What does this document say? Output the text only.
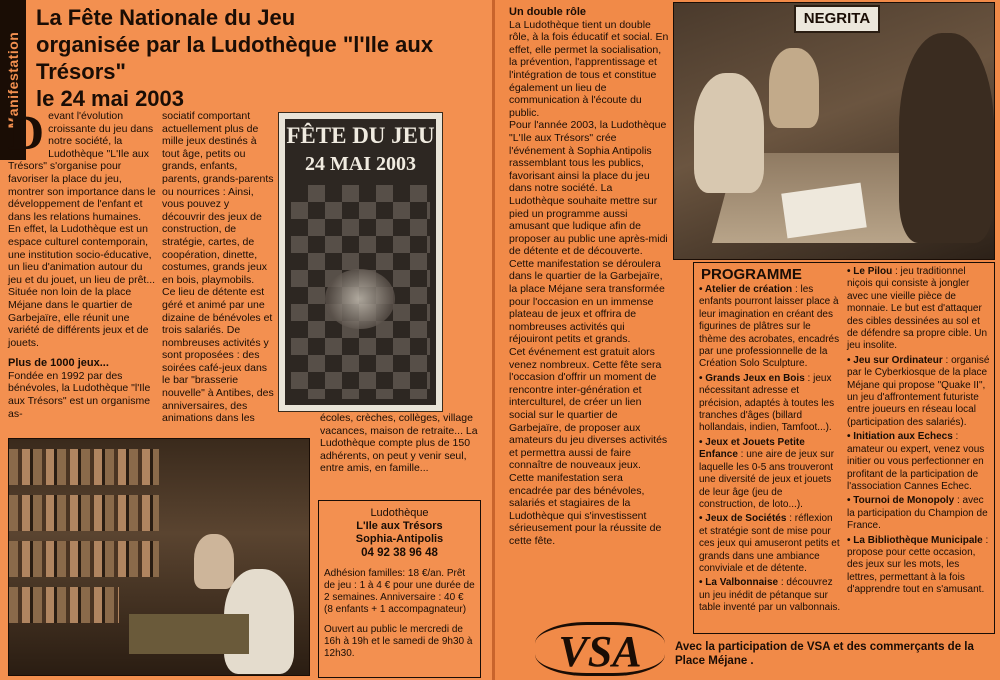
Manifestation
La Fête Nationale du Jeu
organisée par la Ludothèque "l'Ile aux Trésors"
le 24 mai 2003

Devant l'évolution croissante du jeu dans notre société, la Ludothèque "L'Ile aux Trésors" s'organise pour favoriser la place du jeu, montrer son importance dans le développement de l'enfant et dans les relations humaines.

En effet, la Ludothèque est un espace culturel contemporain, une institution socio-éducative, un lieu d'animation autour du jeu et du jouet, un lieu de prêt...

Située non loin de la place Méjane dans le quartier de Garbejaïre, elle réunit une variété de différents jeux et de jouets.

Plus de 1000 jeux...

Fondée en 1992 par des bénévoles, la Ludothèque "l'Ile aux Trésors" est un organisme as-

sociatif comportant actuellement plus de mille jeux destinés à tout âge, petits ou grands, enfants, parents, grands-parents ou nourrices : Ainsi, vous pouvez y découvrir des jeux de construction, de stratégie, cartes, de coopération, dinette, costumes, grands jeux en bois, playmobils.

Ce lieu de détente est géré et animé par une dizaine de bénévoles et trois salariés. De nombreuses activités y sont proposées : des soirées café-jeux dans le bar "brasserie nouvelle" à Antibes, des anniversaires, des animations dans les	écoles, crèches, collèges, village vacances, maison de retraite... La Ludothèque compte plus de 150 adhérents, on peut y venir seul, entre amis, en famille...

FÊTE DU JEU
24 MAI 2003
Ludothèque
L'Ile aux Trésors
Sophia-Antipolis
04 92 38 96 48
Adhésion familles: 18 €/an. Prêt de jeu : 1 à 4 € pour une durée de 2 semaines. Anniversaire : 40 € (8 enfants + 1 accompagnateur)
Ouvert au public le mercredi de 16h à 19h et le samedi de 9h30 à 12h30.

Un double rôle

La Ludothèque tient un double rôle, à la fois éducatif et social. En effet, elle permet la socialisation, la prévention, l'apprentissage et l'intégration de tous et constitue également un lieu de communication à l'écoute du public.

Pour l'année 2003, la Ludothèque "L'Ile aux Trésors" crée l'événement à Sophia Antipolis rassemblant tous les publics, favorisant ainsi la place du jeu dans notre société. La Ludothèque souhaite mettre sur pied un programme aussi amusant que ludique afin de proposer au public une après-midi de détente et de découverte.

Cette manifestation se déroulera dans le quartier de la Garbejaïre, la place Méjane sera transformée pour l'occasion en un immense plateau de jeux et offrira de nombreuses activités qui réjouiront petits et grands.

Cet événement est gratuit alors venez nombreux. Cette fête sera l'occasion d'offrir un moment de rencontre inter-génération et interculturel, de créer un lien social sur le quartier de Garbejaïre, de proposer aux amateurs du jeu diverses activités et permettra aussi de faire connaître de nouveaux jeux.

Cette manifestation sera encadrée par des bénévoles, salariés et stagiaires de la Ludothèque qui s'investissent sérieusement pour la réussite de cette fête.

NEGRITA
PROGRAMME
• Atelier de création : les enfants pourront laisser place à leur imagination en créant des figurines de plâtres sur le thème des acrobates, encadrés par une professionnelle de la Création Solo Sculpture.
• Grands Jeux en Bois : jeux nécessitant adresse et précision, adaptés à toutes les tranches d'âges (billard hollandais, indien, Tamfoot...).
• Jeux et Jouets Petite Enfance : une aire de jeux sur laquelle les 0-5 ans trouveront une diversité de jeux et jouets de leur âge (jeu de construction, de loto...).
• Jeux de Sociétés : réflexion et stratégie sont de mise pour ces jeux qui amuseront petits et grands dans une ambiance conviviale et de détente.
• La Valbonnaise : découvrez un jeu inédit de pétanque sur table inventé par un valbonnais.
• Le Pilou : jeu traditionnel niçois qui consiste à jongler avec une vieille pièce de monnaie. Le but est d'attaquer des cibles dessinées au sol et de défendre sa propre cible. Un jeu insolite.
• Jeu sur Ordinateur : organisé par le Cyberkiosque de la place Méjane qui propose "Quake II", un jeu d'affrontement futuriste entre joueurs en réseau local (participation des salariés).
• Initiation aux Echecs : amateur ou expert, venez vous initier ou vous perfectionner en profitant de la participation de l'association Cannes Echec.
• Tournoi de Monopoly : avec la participation du Champion de France.
• La Bibliothèque Municipale : propose pour cette occasion, des jeux sur les mots, les lettres, permettant à la fois d'apprendre tout en s'amusant.
VSA	Avec la participation de VSA et des commerçants de la Place Méjane .
